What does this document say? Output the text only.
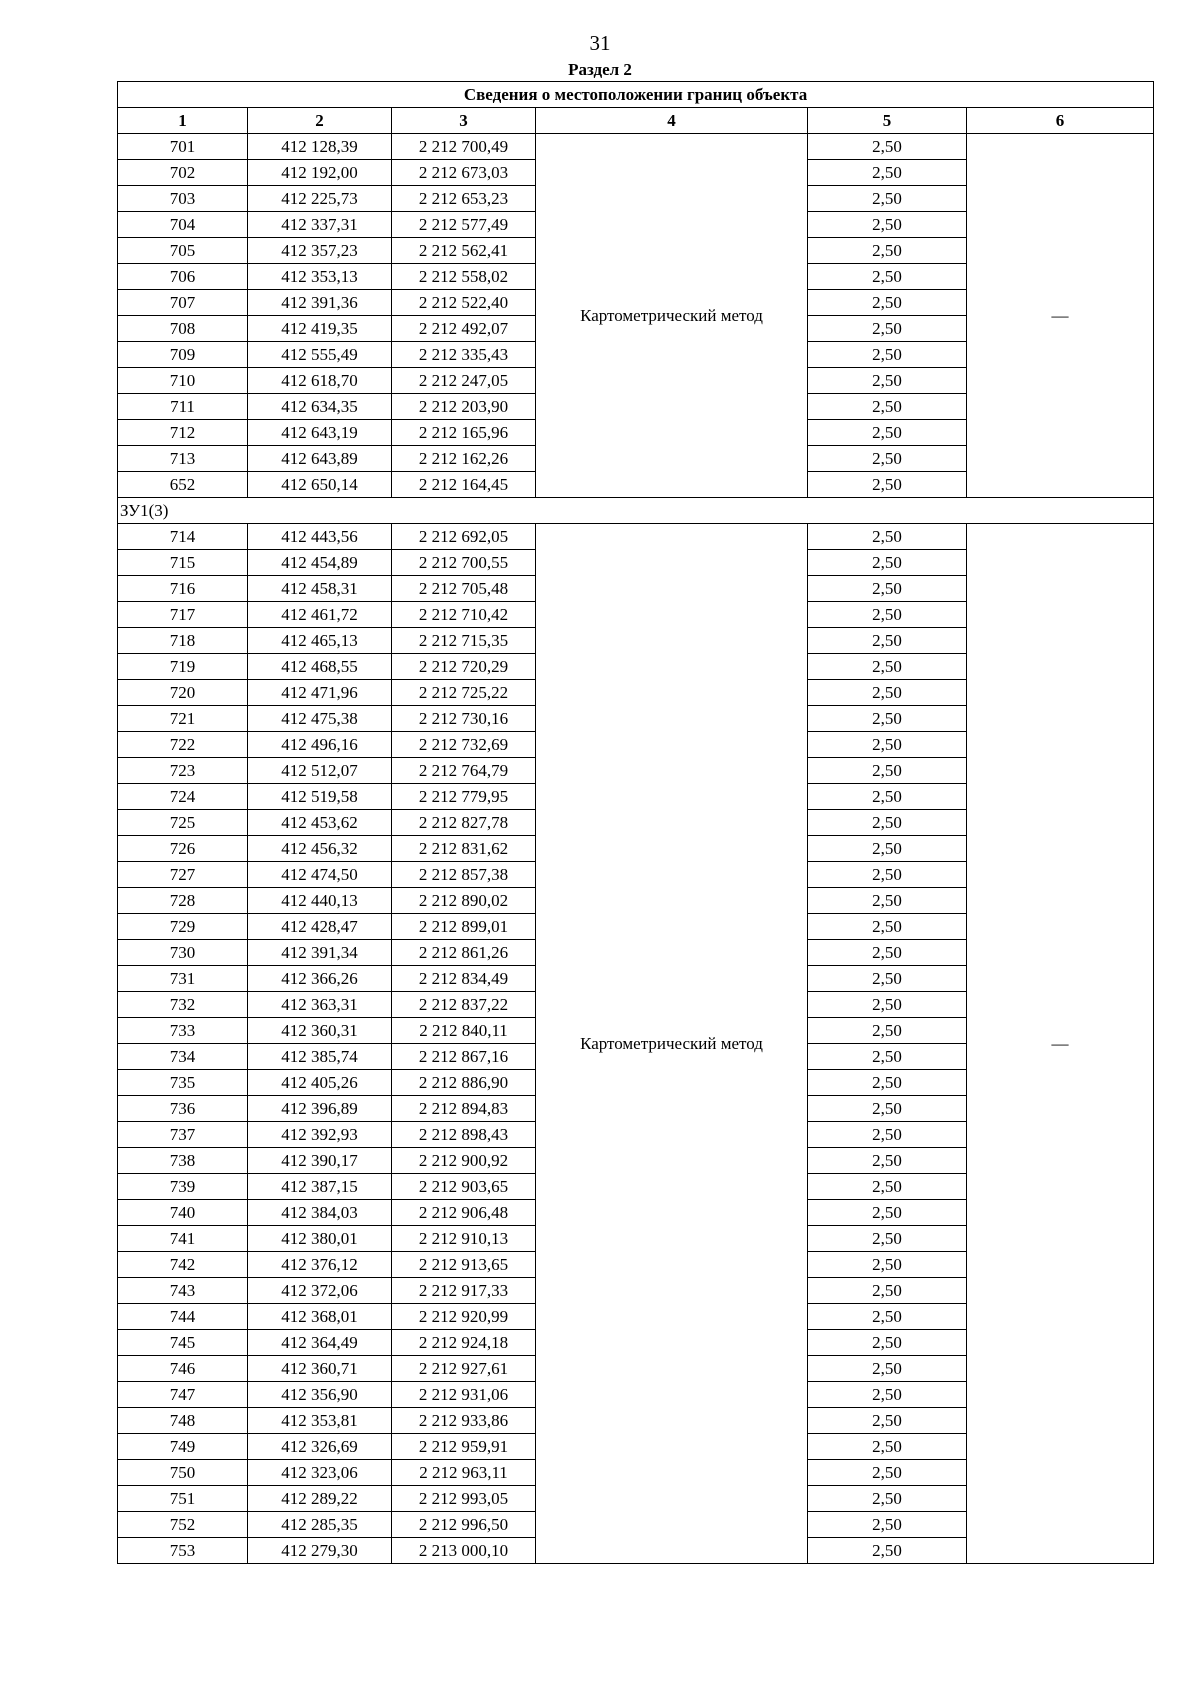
31
Раздел 2
Сведения о местоположении границ объекта					
1	2	3	4	5	6
701	412 128,39	2 212 700,49	Картометрический метод	2,50	—
702	412 192,00	2 212 673,03		2,50	
703	412 225,73	2 212 653,23		2,50	
704	412 337,31	2 212 577,49		2,50	
705	412 357,23	2 212 562,41		2,50	
706	412 353,13	2 212 558,02		2,50	
707	412 391,36	2 212 522,40		2,50	
708	412 419,35	2 212 492,07		2,50	
709	412 555,49	2 212 335,43		2,50	
710	412 618,70	2 212 247,05		2,50	
711	412 634,35	2 212 203,90		2,50	
712	412 643,19	2 212 165,96		2,50	
713	412 643,89	2 212 162,26		2,50	
652	412 650,14	2 212 164,45		2,50	
ЗУ1(3)					
714	412 443,56	2 212 692,05	Картометрический метод	2,50	—
715	412 454,89	2 212 700,55		2,50	
716	412 458,31	2 212 705,48		2,50	
717	412 461,72	2 212 710,42		2,50	
718	412 465,13	2 212 715,35		2,50	
719	412 468,55	2 212 720,29		2,50	
720	412 471,96	2 212 725,22		2,50	
721	412 475,38	2 212 730,16		2,50	
722	412 496,16	2 212 732,69		2,50	
723	412 512,07	2 212 764,79		2,50	
724	412 519,58	2 212 779,95		2,50	
725	412 453,62	2 212 827,78		2,50	
726	412 456,32	2 212 831,62		2,50	
727	412 474,50	2 212 857,38		2,50	
728	412 440,13	2 212 890,02		2,50	
729	412 428,47	2 212 899,01		2,50	
730	412 391,34	2 212 861,26		2,50	
731	412 366,26	2 212 834,49		2,50	
732	412 363,31	2 212 837,22		2,50	
733	412 360,31	2 212 840,11		2,50	
734	412 385,74	2 212 867,16		2,50	
735	412 405,26	2 212 886,90		2,50	
736	412 396,89	2 212 894,83		2,50	
737	412 392,93	2 212 898,43		2,50	
738	412 390,17	2 212 900,92		2,50	
739	412 387,15	2 212 903,65		2,50	
740	412 384,03	2 212 906,48		2,50	
741	412 380,01	2 212 910,13		2,50	
742	412 376,12	2 212 913,65		2,50	
743	412 372,06	2 212 917,33		2,50	
744	412 368,01	2 212 920,99		2,50	
745	412 364,49	2 212 924,18		2,50	
746	412 360,71	2 212 927,61		2,50	
747	412 356,90	2 212 931,06		2,50	
748	412 353,81	2 212 933,86		2,50	
749	412 326,69	2 212 959,91		2,50	
750	412 323,06	2 212 963,11		2,50	
751	412 289,22	2 212 993,05		2,50	
752	412 285,35	2 212 996,50		2,50	
753	412 279,30	2 213 000,10		2,50	
